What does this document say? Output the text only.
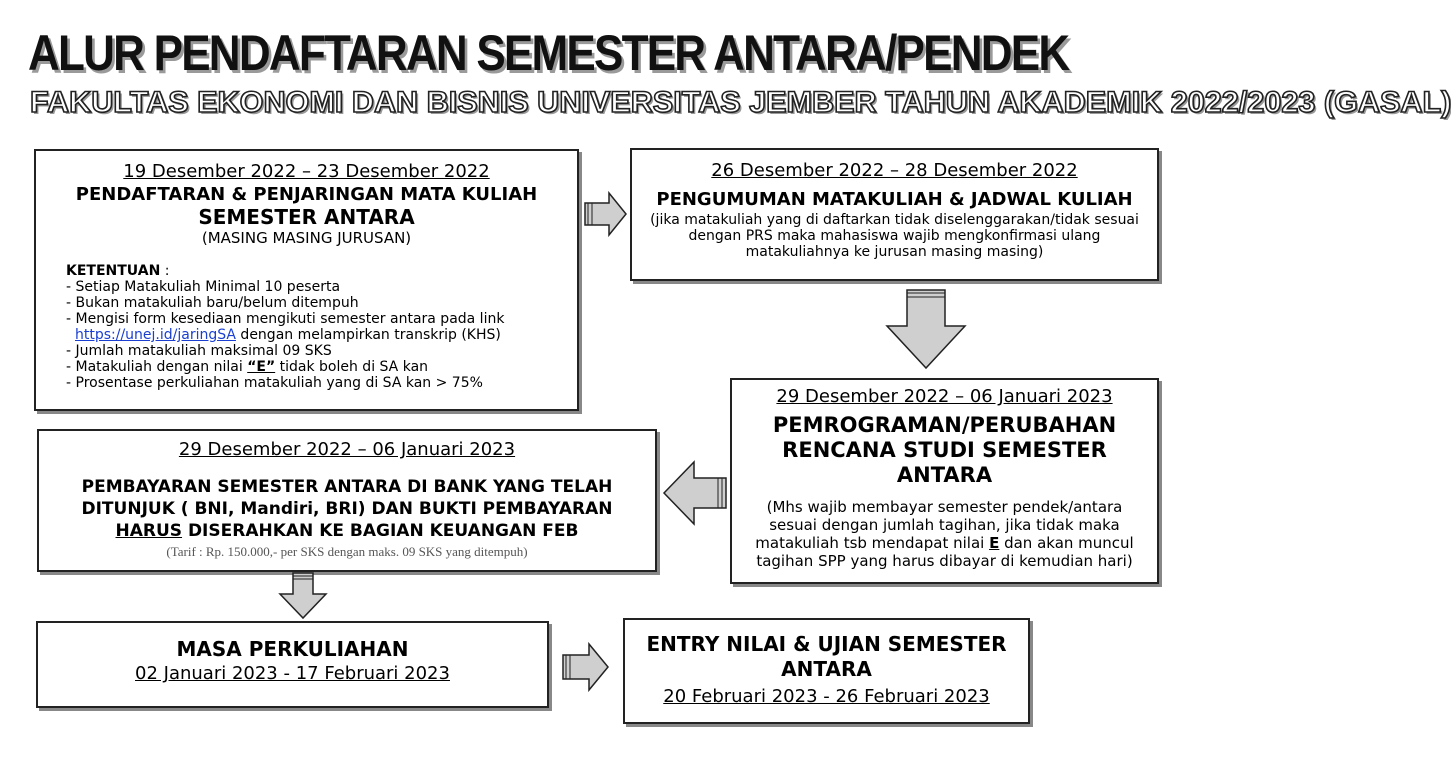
ALUR PENDAFTARAN SEMESTER ANTARA/PENDEK
FAKULTAS EKONOMI DAN BISNIS UNIVERSITAS JEMBER TAHUN AKADEMIK 2022/2023 (GASAL)
19 Desember 2022 – 23 Desember 2022
PENDAFTARAN & PENJARINGAN MATA KULIAH
SEMESTER ANTARA
(MASING MASING JURUSAN)
KETENTUAN :
- Setiap Matakuliah Minimal 10 peserta
- Bukan matakuliah baru/belum ditempuh
- Mengisi form kesediaan mengikuti semester antara pada link
https://unej.id/jaringSA dengan melampirkan transkrip (KHS)
- Jumlah matakuliah maksimal 09 SKS
- Matakuliah dengan nilai “E” tidak boleh di SA kan
- Prosentase perkuliahan matakuliah yang di SA kan > 75%
26 Desember 2022 – 28 Desember 2022
PENGUMUMAN MATAKULIAH & JADWAL KULIAH
(jika matakuliah yang di daftarkan tidak diselenggarakan/tidak sesuai dengan PRS maka mahasiswa wajib mengkonfirmasi ulang matakuliahnya ke jurusan masing masing)
29 Desember 2022 – 06 Januari 2023
PEMROGRAMAN/PERUBAHAN RENCANA STUDI SEMESTER ANTARA
(Mhs wajib membayar semester pendek/antara sesuai dengan jumlah tagihan, jika tidak maka matakuliah tsb mendapat nilai E dan akan muncul tagihan SPP yang harus dibayar di kemudian hari)
29 Desember 2022 – 06 Januari 2023
PEMBAYARAN SEMESTER ANTARA DI BANK YANG TELAH DITUNJUK ( BNI, Mandiri, BRI) DAN BUKTI PEMBAYARAN HARUS DISERAHKAN KE BAGIAN KEUANGAN FEB
(Tarif : Rp. 150.000,- per SKS dengan maks. 09 SKS yang ditempuh)
MASA PERKULIAHAN
02 Januari 2023 - 17 Februari 2023
ENTRY NILAI & UJIAN SEMESTER ANTARA
20 Februari 2023 - 26 Februari 2023
